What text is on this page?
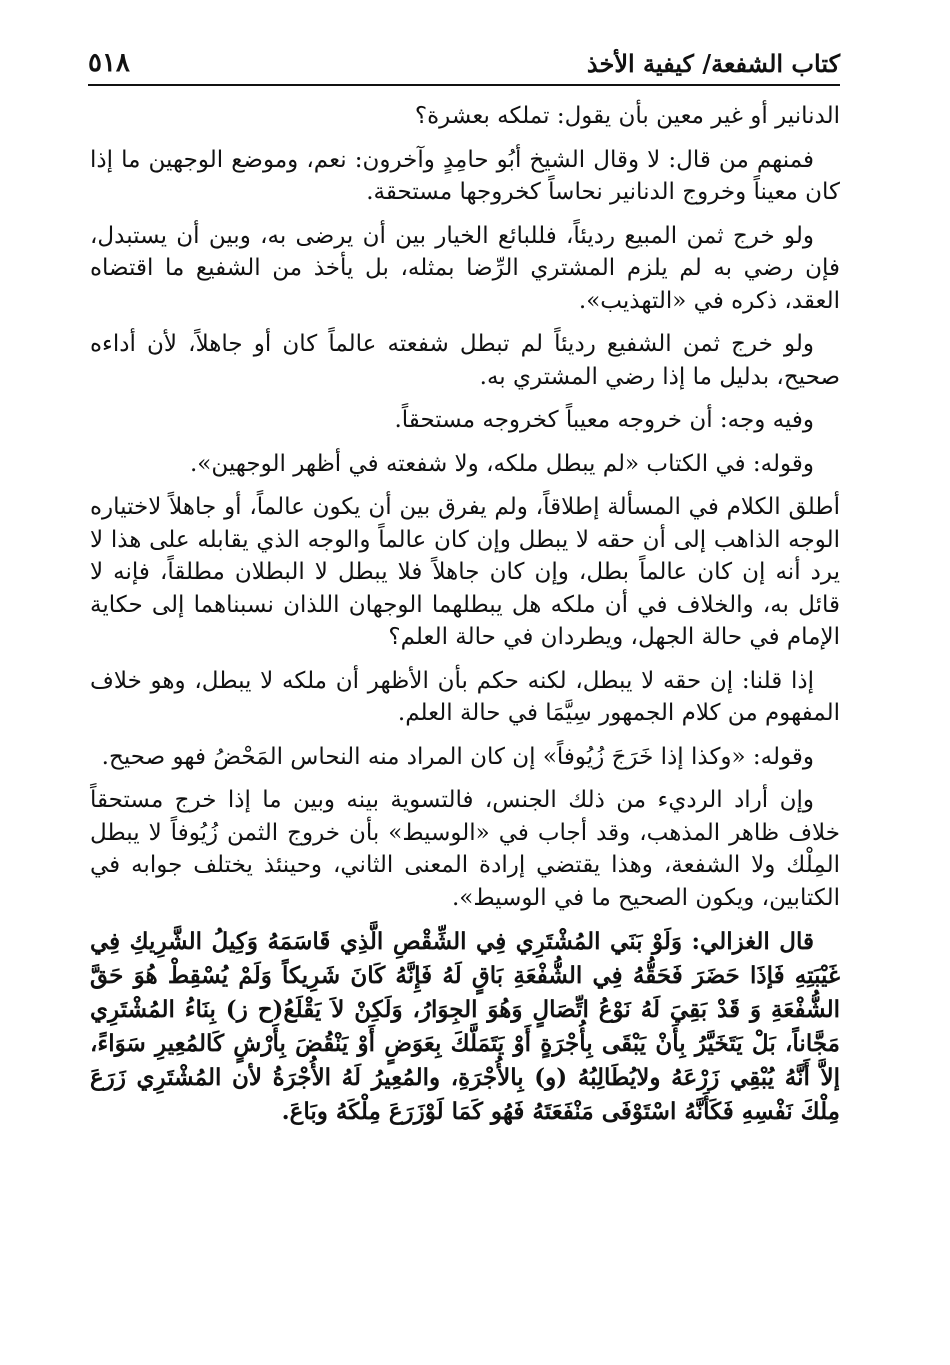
كتاب الشفعة/ كيفية الأخذ
٥١٨

الدنانير أو غير معين بأن يقول: تملكه بعشرة؟

فمنهم من قال: لا وقال الشيخ أبُو حامِدٍ وآخرون: نعم، وموضع الوجهين ما إذا كان معيناً وخروج الدنانير نحاساً كخروجها مستحقة.

ولو خرج ثمن المبيع رديئاً، فللبائع الخيار بين أن يرضى به، وبين أن يستبدل، فإن رضي به لم يلزم المشتري الرِّضا بمثله، بل يأخذ من الشفيع ما اقتضاه العقد، ذكره في «التهذيب».

ولو خرج ثمن الشفيع رديئاً لم تبطل شفعته عالماً كان أو جاهلاً، لأن أداءه صحيح، بدليل ما إذا رضي المشتري به.

وفيه وجه: أن خروجه معيباً كخروجه مستحقاً.

وقوله: في الكتاب «لم يبطل ملكه، ولا شفعته في أظهر الوجهين».

أطلق الكلام في المسألة إطلاقاً، ولم يفرق بين أن يكون عالماً، أو جاهلاً لاختياره الوجه الذاهب إلى أن حقه لا يبطل وإن كان عالماً والوجه الذي يقابله على هذا لا يرد أنه إن كان عالماً بطل، وإن كان جاهلاً فلا يبطل لا البطلان مطلقاً، فإنه لا قائل به، والخلاف في أن ملكه هل يبطلهما الوجهان اللذان نسبناهما إلى حكاية الإمام في حالة الجهل، ويطردان في حالة العلم؟

إذا قلنا: إن حقه لا يبطل، لكنه حكم بأن الأظهر أن ملكه لا يبطل، وهو خلاف المفهوم من كلام الجمهور سِيَّمَا في حالة العلم.

وقوله: «وكذا إذا خَرَجَ زُيُوفاً» إن كان المراد منه النحاس المَحْضُ فهو صحيح.

وإن أراد الرديء من ذلك الجنس، فالتسوية بينه وبين ما إذا خرج مستحقاً خلاف ظاهر المذهب، وقد أجاب في «الوسيط» بأن خروج الثمن زُيُوفاً لا يبطل المِلْك ولا الشفعة، وهذا يقتضي إرادة المعنى الثاني، وحينئذ يختلف جوابه في الكتابين، ويكون الصحيح ما في الوسيط».

قال الغزالي: وَلَوْ بَنَي المُشْتَرِي فِي الشِّقْصِ الَّذِي قَاسَمَهُ وَكِيلُ الشَّرِيكِ فِي غَيْبَتِهِ فَإذَا حَضَرَ فَحَقُّهُ فِي الشُّفْعَةِ بَاقٍ لَهُ فَإِنَّهُ كَانَ شَرِيكاً وَلَمْ يُسْقِطْ هُوَ حَقَّ الشُّفْعَةِ وَ قَدْ بَقِيَ لَهُ نَوْعُ اتِّصَالٍ وَهُوَ الجِوَارُ، وَلَكِنْ لاَ يَقْلَعُ(ح ز) بِنَاءُ المُشْتَرِي مَجَّاناً، بَلْ يَتَخَيَّرُ بِأَنْ يَبْقَى بِأُجْرَةٍ أَوْ يَتَمَلَّكَ بِعَوَضٍ أَوْ يَنْقُضَ بِأَرْشٍ كَالمُعِيرِ سَوَاءً، إلاَّ أَنَّهُ يُبْقِي زَرْعَهُ ولايُطَالِبُهُ (و) بِالأُجْرَةِ، والمُعِيرُ لَهُ الأُجْرَةُ لأن المُشْتَرِي زَرَعَ مِلْكَ نَفْسِهِ فَكَأَنَّهُ اسْتَوْفَى مَنْفَعَتَهُ فَهُو كَمَا لَوْزَرَعَ مِلْكَهُ وبَاعَ.
